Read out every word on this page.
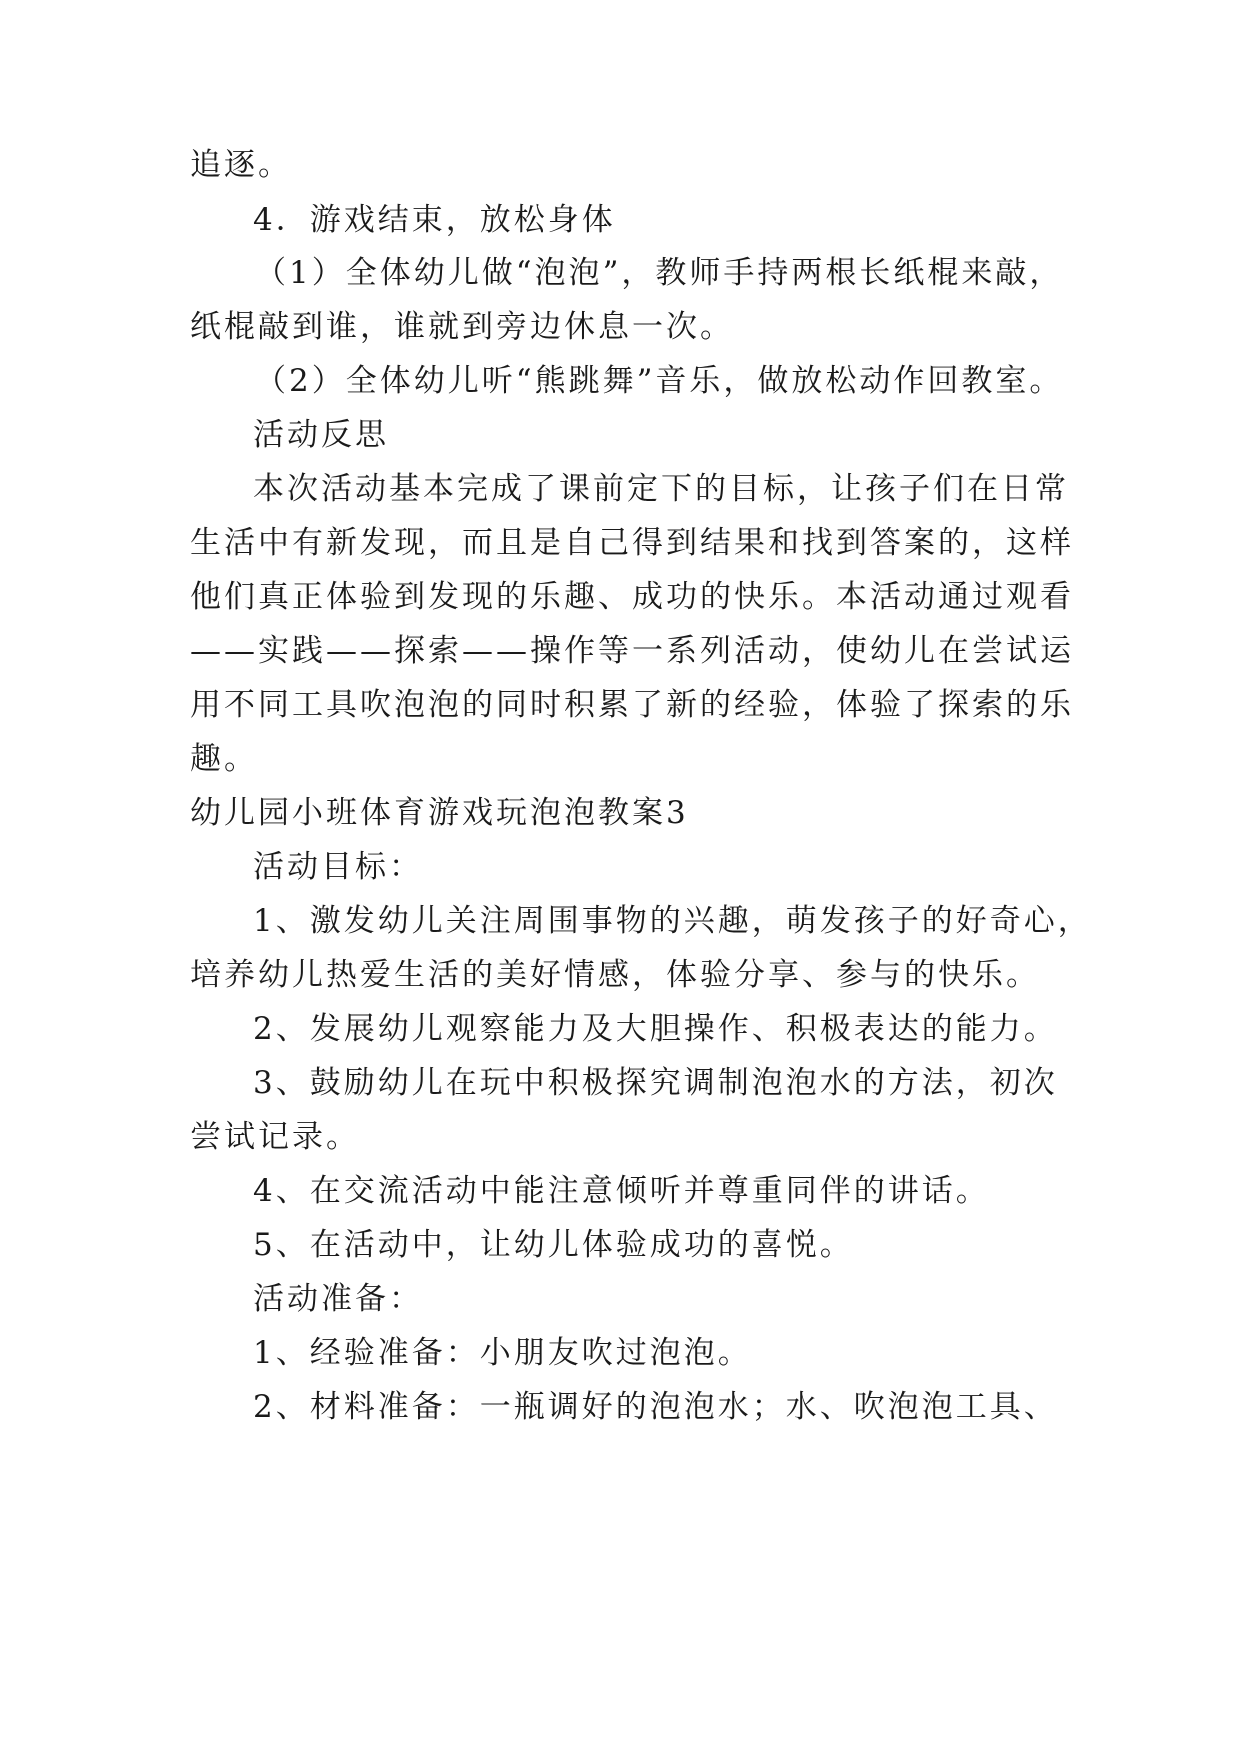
追逐。
4．游戏结束，放松身体
（1）全体幼儿做“泡泡”，教师手持两根长纸棍来敲，
纸棍敲到谁，谁就到旁边休息一次。
（2）全体幼儿听“熊跳舞”音乐，做放松动作回教室。
活动反思
本次活动基本完成了课前定下的目标，让孩子们在日常
生活中有新发现，而且是自己得到结果和找到答案的，这样
他们真正体验到发现的乐趣、成功的快乐。本活动通过观看
——实践——探索——操作等一系列活动，使幼儿在尝试运
用不同工具吹泡泡的同时积累了新的经验，体验了探索的乐
趣。
幼儿园小班体育游戏玩泡泡教案3
活动目标：
1、激发幼儿关注周围事物的兴趣，萌发孩子的好奇心，
培养幼儿热爱生活的美好情感，体验分享、参与的快乐。
2、发展幼儿观察能力及大胆操作、积极表达的能力。
3、鼓励幼儿在玩中积极探究调制泡泡水的方法，初次
尝试记录。
4、在交流活动中能注意倾听并尊重同伴的讲话。
5、在活动中，让幼儿体验成功的喜悦。
活动准备：
1、经验准备：小朋友吹过泡泡。
2、材料准备：一瓶调好的泡泡水；水、吹泡泡工具、
